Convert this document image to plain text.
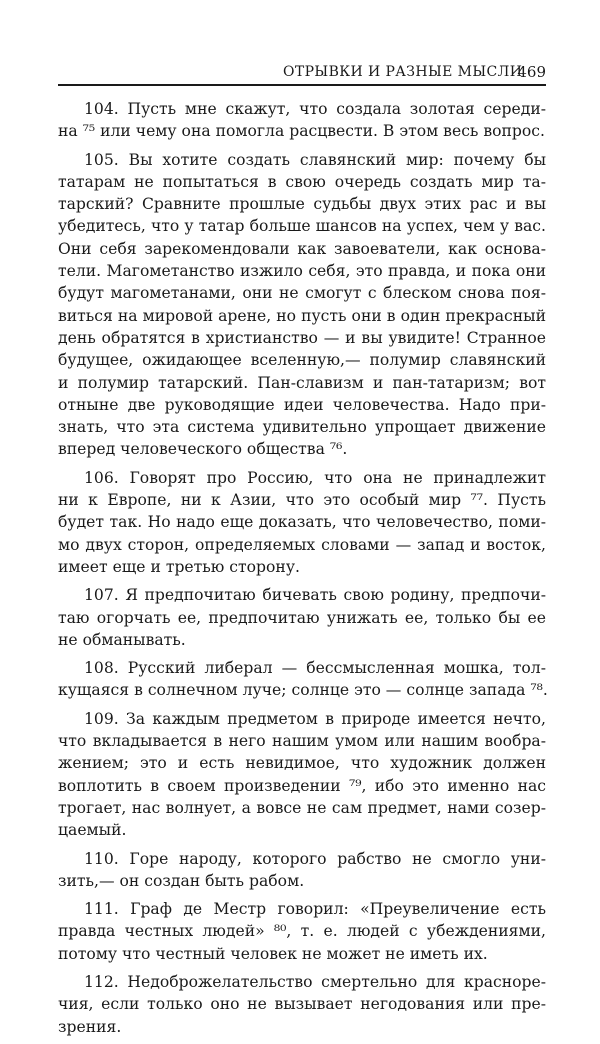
ОТРЫВКИ И РАЗНЫЕ МЫСЛИ
469

104. Пусть мне скажут, что создала золотая середи-
на ⁷⁵ или чему она помогла расцвести. В этом весь вопрос.

105. Вы хотите создать славянский мир: почему бы
татарам не попытаться в свою очередь создать мир та-
тарский? Сравните прошлые судьбы двух этих рас и вы
убедитесь, что у татар больше шансов на успех, чем у вас.
Они себя зарекомендовали как завоеватели, как основа-
тели. Магометанство изжило себя, это правда, и пока они
будут магометанами, они не смогут с блеском снова поя-
виться на мировой арене, но пусть они в один прекрасный
день обратятся в христианство — и вы увидите! Странное
будущее, ожидающее вселенную,— полумир славянский
и полумир татарский. Пан-славизм и пан-татаризм; вот
отныне две руководящие идеи человечества. Надо при-
знать, что эта система удивительно упрощает движение
вперед человеческого общества ⁷⁶.

106. Говорят про Россию, что она не принадлежит
ни к Европе, ни к Азии, что это особый мир ⁷⁷. Пусть
будет так. Но надо еще доказать, что человечество, поми-
мо двух сторон, определяемых словами — запад и восток,
имеет еще и третью сторону.

107. Я предпочитаю бичевать свою родину, предпочи-
таю огорчать ее, предпочитаю унижать ее, только бы ее
не обманывать.

108. Русский либерал — бессмысленная мошка, тол-
кущаяся в солнечном луче; солнце это — солнце запада ⁷⁸.

109. За каждым предметом в природе имеется нечто,
что вкладывается в него нашим умом или нашим вообра-
жением; это и есть невидимое, что художник должен
воплотить в своем произведении ⁷⁹, ибо это именно нас
трогает, нас волнует, а вовсе не сам предмет, нами созер-
цаемый.

110. Горе народу, которого рабство не смогло уни-
зить,— он создан быть рабом.

111. Граф де Местр говорил: «Преувеличение есть
правда честных людей» ⁸⁰, т. е. людей с убеждениями,
потому что честный человек не может не иметь их.

112. Недоброжелательство смертельно для красноре-
чия, если только оно не вызывает негодования или пре-
зрения.
